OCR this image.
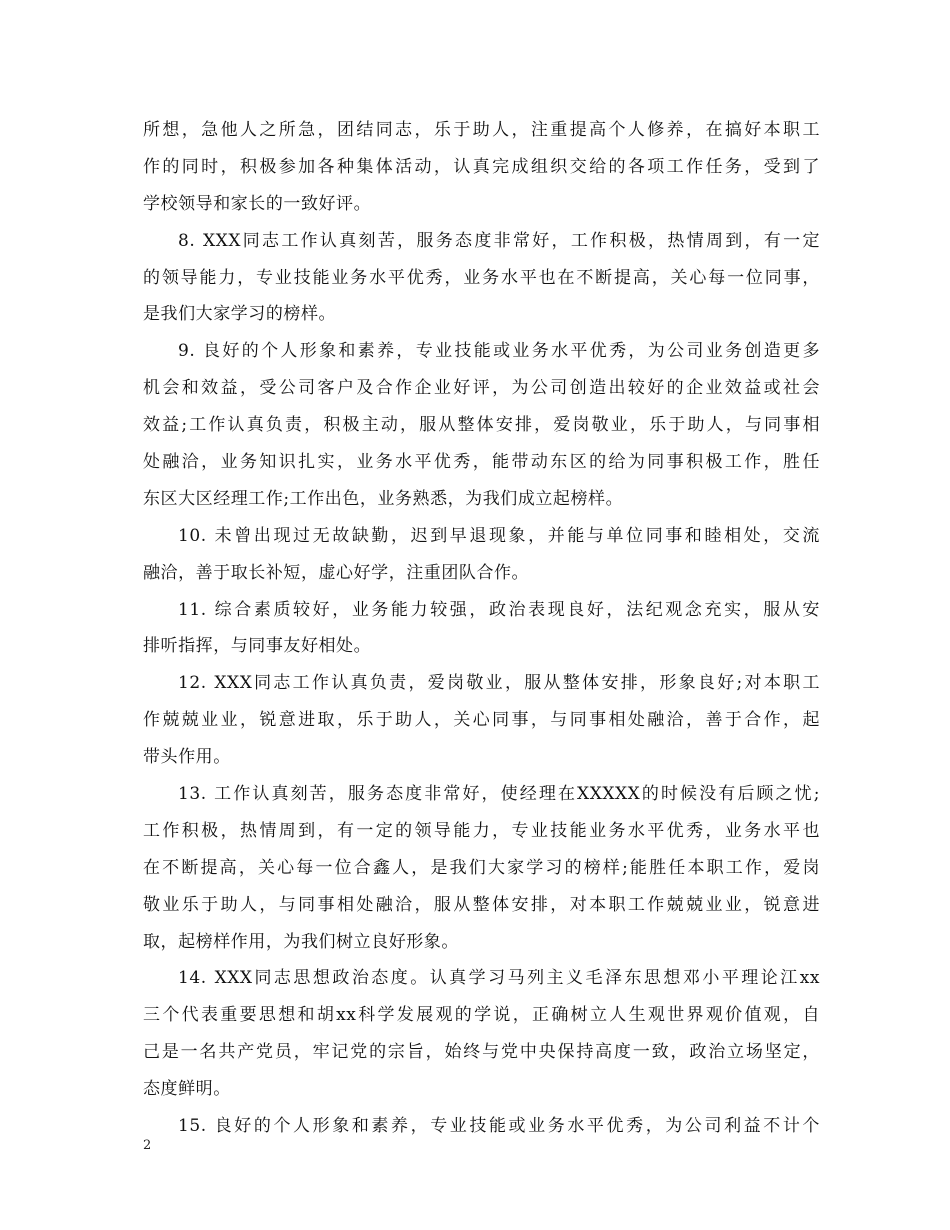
所想，急他人之所急，团结同志，乐于助人，注重提高个人修养，在搞好本职工
作的同时，积极参加各种集体活动，认真完成组织交给的各项工作任务，受到了
学校领导和家长的一致好评。
8. XXX同志工作认真刻苦，服务态度非常好，工作积极，热情周到，有一定
的领导能力，专业技能业务水平优秀，业务水平也在不断提高，关心每一位同事，
是我们大家学习的榜样。
9. 良好的个人形象和素养，专业技能或业务水平优秀，为公司业务创造更多
机会和效益，受公司客户及合作企业好评，为公司创造出较好的企业效益或社会
效益;工作认真负责，积极主动，服从整体安排，爱岗敬业，乐于助人，与同事相
处融洽，业务知识扎实，业务水平优秀，能带动东区的给为同事积极工作，胜任
东区大区经理工作;工作出色，业务熟悉，为我们成立起榜样。
10. 未曾出现过无故缺勤，迟到早退现象，并能与单位同事和睦相处，交流
融洽，善于取长补短，虚心好学，注重团队合作。
11. 综合素质较好，业务能力较强，政治表现良好，法纪观念充实，服从安
排听指挥，与同事友好相处。
12. XXX同志工作认真负责，爱岗敬业，服从整体安排，形象良好;对本职工
作兢兢业业，锐意进取，乐于助人，关心同事，与同事相处融洽，善于合作，起
带头作用。
13. 工作认真刻苦，服务态度非常好，使经理在XXXXX的时候没有后顾之忧;
工作积极，热情周到，有一定的领导能力，专业技能业务水平优秀，业务水平也
在不断提高，关心每一位合鑫人，是我们大家学习的榜样;能胜任本职工作，爱岗
敬业乐于助人，与同事相处融洽，服从整体安排，对本职工作兢兢业业，锐意进
取，起榜样作用，为我们树立良好形象。
14. XXX同志思想政治态度。认真学习马列主义毛泽东思想邓小平理论江xx
三个代表重要思想和胡xx科学发展观的学说，正确树立人生观世界观价值观，自
己是一名共产党员，牢记党的宗旨，始终与党中央保持高度一致，政治立场坚定，
态度鲜明。
15. 良好的个人形象和素养，专业技能或业务水平优秀，为公司利益不计个
2
